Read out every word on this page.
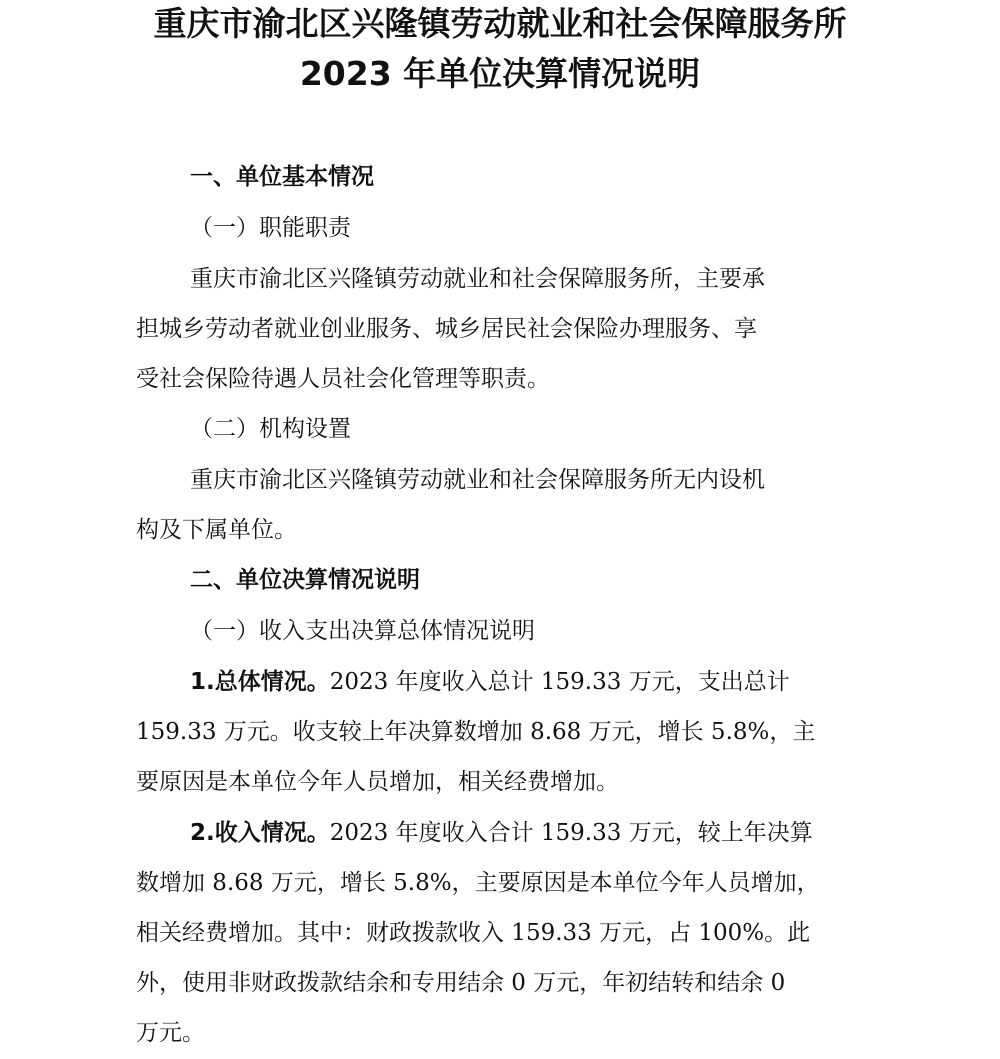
重庆市渝北区兴隆镇劳动就业和社会保障服务所
2023 年单位决算情况说明
一、单位基本情况
（一）职能职责
重庆市渝北区兴隆镇劳动就业和社会保障服务所，主要承
担城乡劳动者就业创业服务、城乡居民社会保险办理服务、享
受社会保险待遇人员社会化管理等职责。
（二）机构设置
重庆市渝北区兴隆镇劳动就业和社会保障服务所无内设机
构及下属单位。
二、单位决算情况说明
（一）收入支出决算总体情况说明
1.总体情况。2023 年度收入总计 159.33 万元，支出总计
159.33 万元。收支较上年决算数增加 8.68 万元，增长 5.8%，主
要原因是本单位今年人员增加，相关经费增加。
2.收入情况。2023 年度收入合计 159.33 万元，较上年决算
数增加 8.68 万元，增长 5.8%，主要原因是本单位今年人员增加，
相关经费增加。其中：财政拨款收入 159.33 万元，占 100%。此
外，使用非财政拨款结余和专用结余 0 万元，年初结转和结余 0
万元。
